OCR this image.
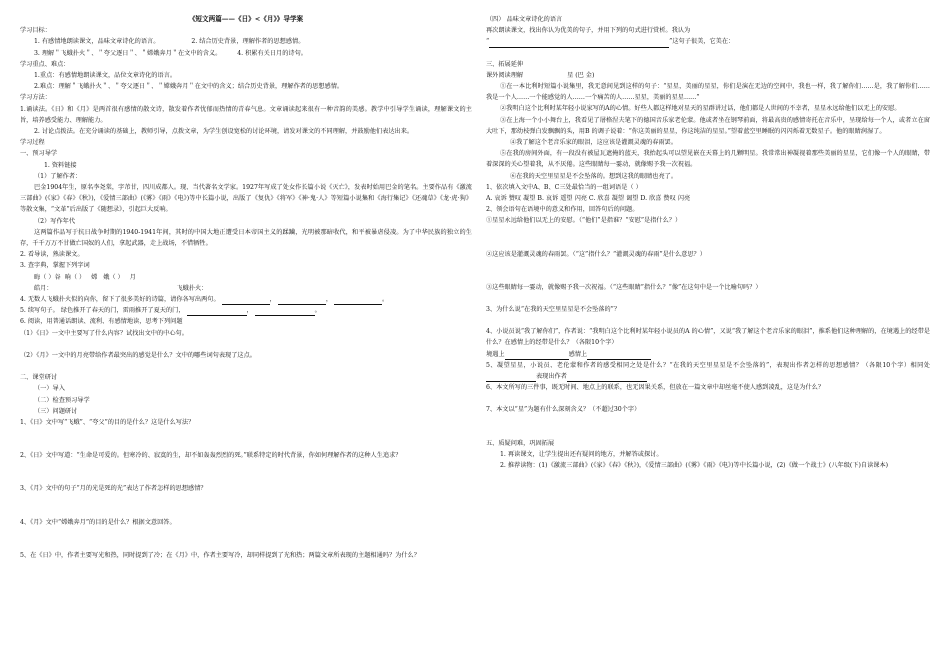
《短文两篇——《日》<《月》》导学案
学习目标：
1. 有感情地朗读课文，品味文章诗化的语言。	2. 结合历史背景，理解作者的思想感情。
3. 理解＂飞蛾扑火＂、＂夸父逐日＂、＂嫦娥奔月＂在文中的含义。	4. 积累有关日月的诗句。
学习重点、难点：
1.重点：有感情地朗读课文，品位文章诗化的语言。
2.难点：理解＂飞蛾扑火＂、＂夸父逐日＂、＂嫦娥奔月＂在文中的含义；结合历史背景，理解作者的思想感情。
学习方法：
1.诵读法。《日》和《月》是两首很有感情的散文诗，散发着作者忧郁而热情的青春气息。文章诵读起来很有一种音韵的美感。教学中引导学生诵读，理解课文的主旨，培养感受能力、理解能力。
2. 讨论点拨法。在充分诵读的基础上，教师引导，点拨文章，为学生创设宽松的讨论环境，请发对课文的不同理解，并鼓励他们表达出来。
学习过程
一、预习导学
1. 资料链接
（1）了解作者：
巴金1904年生，原名李尧棠，字芾甘，四川成都人。现、当代著名文学家。1927年写成了处女作长篇小说《灭亡》，发表时始用巴金的笔名。主要作品有《激流三部曲》(《家》《春》《秋》)，《爱情三部曲》(《雾》《雨》《电》)等中长篇小说，出版了《复仇》《将军》《神·鬼·人》等短篇小说集和《海行集记》《还魂草》《龙·虎·狗》等散文集，“文革”后出版了《随想录》，引起巨大反响。
（2）写作年代
这两篇作品写于抗日战争时期的1940-1941年间，其时的中国大地正遭受日本帝国主义的蹂躏，光明被那暗收代，和平被暴虐侵凌。为了中华民族的独立的生存，千千万万不甘做亡国奴的人们，拿起武器，走上战场，不惜牺牲。
2. 看导读，熟读课文。
3. 查字典，掌握下列字词
晦（ ）谷 晌（ ） 嫦 娥（ ） 月
皓月：	飞蛾扑火：
4. 无数人飞蛾扑火似的向你，留下了很多美好的诗篇，请你各写出两句。	，	，	。
5. 续写句子。 绿色推开了春天的门，雷雨推开了夏天的门，	，	。
6. 阅读，用普通话朗读、流利、有感情地读，思考下列问题
（1）《日》一文中主要写了什么内容？试找出文中的中心句。
（2）《月》一文中的月亮带给作者最突出的感觉是什么？文中的哪些词句表现了这点。
二、课堂研讨
（一）导入
（二）检查预习导学
（三）问题研讨
1、《日》文中写“飞蛾”、“夸父”的目的是什么？这是什么写法？
2、《日》文中写道：“生命是可爱的。但寒冷的、寂寞的生，却不如轰轰烈烈的死。”联系特定的时代背景，你如何理解作者的这种人生追求？
3、《月》文中的句子“月的光是死的光”表达了作者怎样的思想感情？
4、《月》文中“嫦娥奔月”的目的是什么？根据文意回答。
5、在《日》中，作者主要写光和热，同时提到了冷；在《月》中，作者主要写冷，却同样提到了光和热；两篇文章所表现的主题相通吗？为什么？
（四） 品味文章诗化的语言
再次朗读课文，找出你认为优美的句子，并用下列的句式进行赏析。我认为
“	”这句子很美，它美在：
三、拓展延伸
课外阅读理解	星 (巴 金)
①在一本比利时短篇小说集里，我无意间见到这样的句子：“星星，美丽的星星，你们是演在无边的空间中，我也一样，我了解你们……是，我了解你们……我是一个人……一个能感觉的人……一个痛苦的人……星星，美丽的星星……”
②我明白这个比利时某年轻小说家写的A的心情。好些人都这样地对星天的星群讲过话，他们都是人世间的不幸者，星星永远给他们以无上的安慰。
③在上海一个小小舞台上，我看见了屠格涅夫笔下的德国音乐家老伦蒙。他或者坐在钢琴前面，将最高贵的感情寄托在音乐中，呈现给每一个人，或者立在窗大吐下，那幼枝弹白发飘飘的头，用B 的调子说着：“你这美丽的星星，你这纯洁的星星。”望着蓝空里睡眠的闪闪烁着无数星子。他的眼睛润湿了。
④我了解这个老音乐家的眼泪，这应该是灌溉灵魂的春雨罢。
⑤在我的房间外面，有一段没有被屋瓦遮掩的蓝天，我抬起头可以望见嵌在天幕上的几颗明星。我常常出神凝视着那些美丽的星星，它们像一个人的眼睛，带着深深的关心望着我，从不厌倦。这些眼睛每一霎动，就像赐予我一次祝福。
⑥在我的天空里星星是不会坠落的。想到这我的眼睛也亮了。
1、依次填入文中A、B、C三处最恰当的一组词语是（ ）
A. 哀诉 赞叹 凝望 B. 哀诉 遥望 闪亮 C. 欣喜 凝望 谒望 D. 欣喜 赞叹 闪亮
2、领会语句在语境中的意义和作用，回答句后的问题。
①星星永远给他们以无上的安慰。（“他们”是指谁？“安慰”是指什么？）
②这应该是灌溉灵魂的春雨罢。（“这”指什么？“灌溉灵魂的春雨”是什么意思？）
③这些眼睛每一霎动，就像赐予我一次祝福。（“这些眼睛”指什么？“像”在这句中是一个比喻句吗？）
3、为什么说“在我的天空里星星是不会坠落的”？
4、小说员说“我了解你们”，作者说：“我明白这个比利时某年轻小说员的A 的心情”，又说“我了解这个老音乐家的眼泪”，推系他们这种理解的，在境遇上的经带是什么？在感情上的经带是什么？（各限10个字）
境遇上	感情上
5、凝望星星，小说员、老伦蒙和作者的感受相同之处是什么？“在我的天空里星星是不会坠落的”，表现出作者怎样的思想感情？（各限10个字）相同处表现出作者
6、本文所写的三件事，既无时间、地点上的联系，也无因果关系，但放在一篇文章中却丝毫不使人感到凌乱，这是为什么？
7、本文以“星”为题有什么深刻含义？（不超过30个字）
五、质疑问难，巩固拓展
1. 再读课文，让学生提出还有疑问的地方，并解答或探讨。
2. 推荐读物：(1)《激流三部曲》(《家》《春》《秋》)，《爱情三部曲》(《雾》《雨》《电》)等中长篇小说，(2)《做一个战士》(八年级(下)自读课本)
